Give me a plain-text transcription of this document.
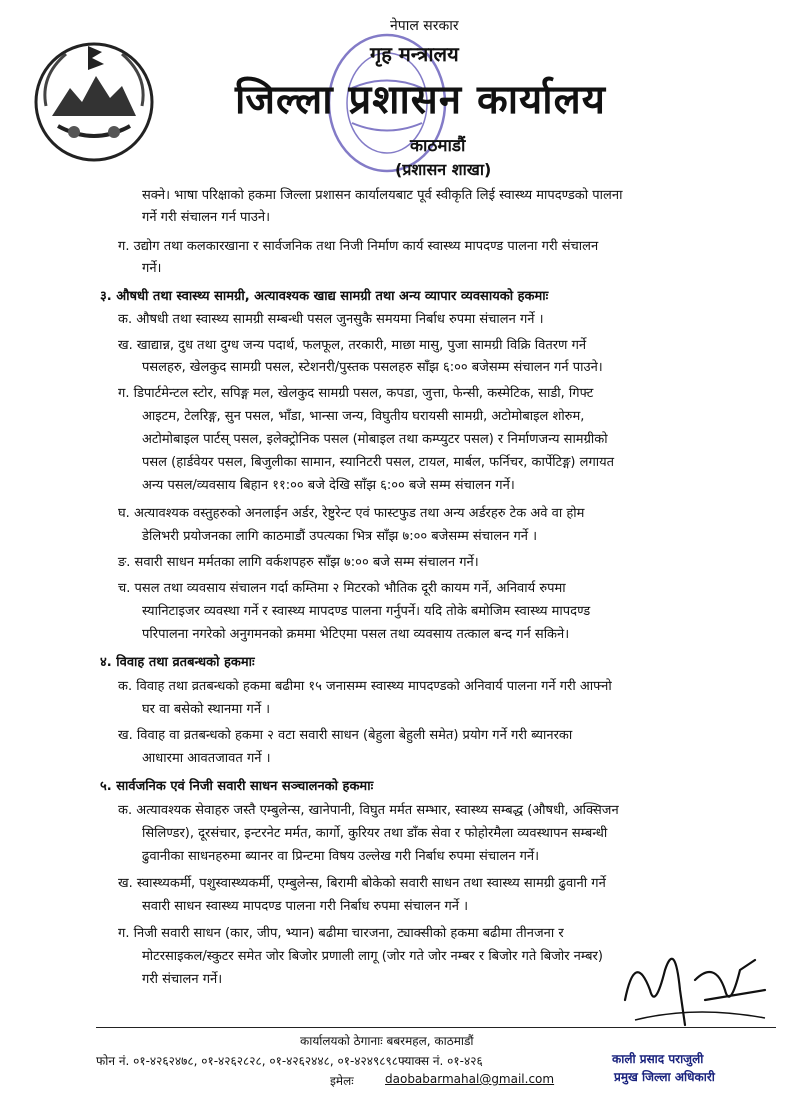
नेपाल सरकार
गृह मन्त्रालय
जिल्ला प्रशासन कार्यालय
काठमाडौं
(प्रशासन शाखा)
सक्ने। भाषा परिक्षाको हकमा जिल्ला प्रशासन कार्यालयबाट पूर्व स्वीकृति लिई स्वास्थ्य मापदण्डको पालना
गर्ने गरी संचालन गर्न पाउने।
ग. उद्योग तथा कलकारखाना र सार्वजनिक तथा निजी निर्माण कार्य स्वास्थ्य मापदण्ड पालना गरी संचालन
गर्ने।
३. औषधी तथा स्वास्थ्य सामग्री, अत्यावश्यक खाद्य सामग्री तथा अन्य व्यापार व्यवसायको हकमाः
क. औषधी तथा स्वास्थ्य सामग्री सम्बन्धी पसल जुनसुकै समयमा निर्बाध रुपमा संचालन गर्ने ।
ख. खाद्यान्न, दुध तथा दुग्ध जन्य पदार्थ, फलफूल, तरकारी, माछा मासु, पुजा सामग्री विक्रि वितरण गर्ने
पसलहरु, खेलकुद सामग्री पसल, स्टेशनरी/पुस्तक पसलहरु साँझ ६:०० बजेसम्म संचालन गर्न पाउने।
ग. डिपार्टमेन्टल स्टोर, सपिङ्ग मल, खेलकुद सामग्री पसल, कपडा, जुत्ता, फेन्सी, कस्मेटिक, साडी, गिफ्ट
आइटम, टेलरिङ्ग, सुन पसल, भाँडा, भान्सा जन्य, विघुतीय घरायसी सामग्री, अटोमोबाइल शोरुम,
अटोमोबाइल पार्टस् पसल, इलेक्ट्रोनिक पसल (मोबाइल तथा कम्प्युटर पसल) र निर्माणजन्य सामग्रीको
पसल (हार्डवेयर पसल, बिजुलीका सामान, स्यानिटरी पसल, टायल, मार्बल, फर्निचर, कार्पेटिङ्ग) लगायत
अन्य पसल/व्यवसाय बिहान ११:०० बजे देखि साँझ ६:०० बजे सम्म संचालन गर्ने।
घ. अत्यावश्यक वस्तुहरुको अनलाईन अर्डर, रेष्टुरेन्ट एवं फास्टफुड तथा अन्य अर्डरहरु टेक अवे वा होम
डेलिभरी प्रयोजनका लागि काठमाडौं उपत्यका भित्र साँझ ७:०० बजेसम्म संचालन गर्ने ।
ङ. सवारी साधन मर्मतका लागि वर्कशपहरु साँझ ७:०० बजे सम्म संचालन गर्ने।
च. पसल तथा व्यवसाय संचालन गर्दा कम्तिमा २ मिटरको भौतिक दूरी कायम गर्ने, अनिवार्य रुपमा
स्यानिटाइजर व्यवस्था गर्ने र स्वास्थ्य मापदण्ड पालना गर्नुपर्ने। यदि तोके बमोजिम स्वास्थ्य मापदण्ड
परिपालना नगरेको अनुगमनको क्रममा भेटिएमा पसल तथा व्यवसाय तत्काल बन्द गर्न सकिने।
४. विवाह तथा व्रतबन्धको हकमाः
क. विवाह तथा व्रतबन्धको हकमा बढीमा १५ जनासम्म स्वास्थ्य मापदण्डको अनिवार्य पालना गर्ने गरी आफ्नो
घर वा बसेको स्थानमा गर्ने ।
ख. विवाह वा व्रतबन्धको हकमा २ वटा सवारी साधन (बेहुला बेहुली समेत) प्रयोग गर्ने गरी ब्यानरका
आधारमा आवतजावत गर्ने ।
५. सार्वजनिक एवं निजी सवारी साधन सञ्चालनको हकमाः
क. अत्यावश्यक सेवाहरु जस्तै एम्बुलेन्स, खानेपानी, विघुत मर्मत सम्भार, स्वास्थ्य सम्बद्ध (औषधी, अक्सिजन
सिलिण्डर), दूरसंचार, इन्टरनेट मर्मत, कार्गो, कुरियर तथा डाँक सेवा र फोहोरमैला व्यवस्थापन सम्बन्धी
ढुवानीका साधनहरुमा ब्यानर वा प्रिन्टमा विषय उल्लेख गरी निर्बाध रुपमा संचालन गर्ने।
ख. स्वास्थ्यकर्मी, पशुस्वास्थ्यकर्मी, एम्बुलेन्स, बिरामी बोकेको सवारी साधन तथा स्वास्थ्य सामग्री ढुवानी गर्ने
सवारी साधन स्वास्थ्य मापदण्ड पालना गरी निर्बाध रुपमा संचालन गर्ने ।
ग. निजी सवारी साधन (कार, जीप, भ्यान) बढीमा चारजना, ट्याक्सीको हकमा बढीमा तीनजना र
मोटरसाइकल/स्कुटर समेत जोर बिजोर प्रणाली लागू (जोर गते जोर नम्बर र बिजोर गते बिजोर नम्बर)
गरी संचालन गर्ने।
काली प्रसाद पराजुली
प्रमुख जिल्ला अधिकारी
कार्यालयको ठेगानाः बबरमहल, काठमाडौं
फोन नं. ०१-४२६२४७८, ०१-४२६२८२८, ०१-४२६२४४८, ०१-४२४९८९८फ्याक्स नं. ०१-४२६
इमेलः	daobabarmahal@gmail.com
